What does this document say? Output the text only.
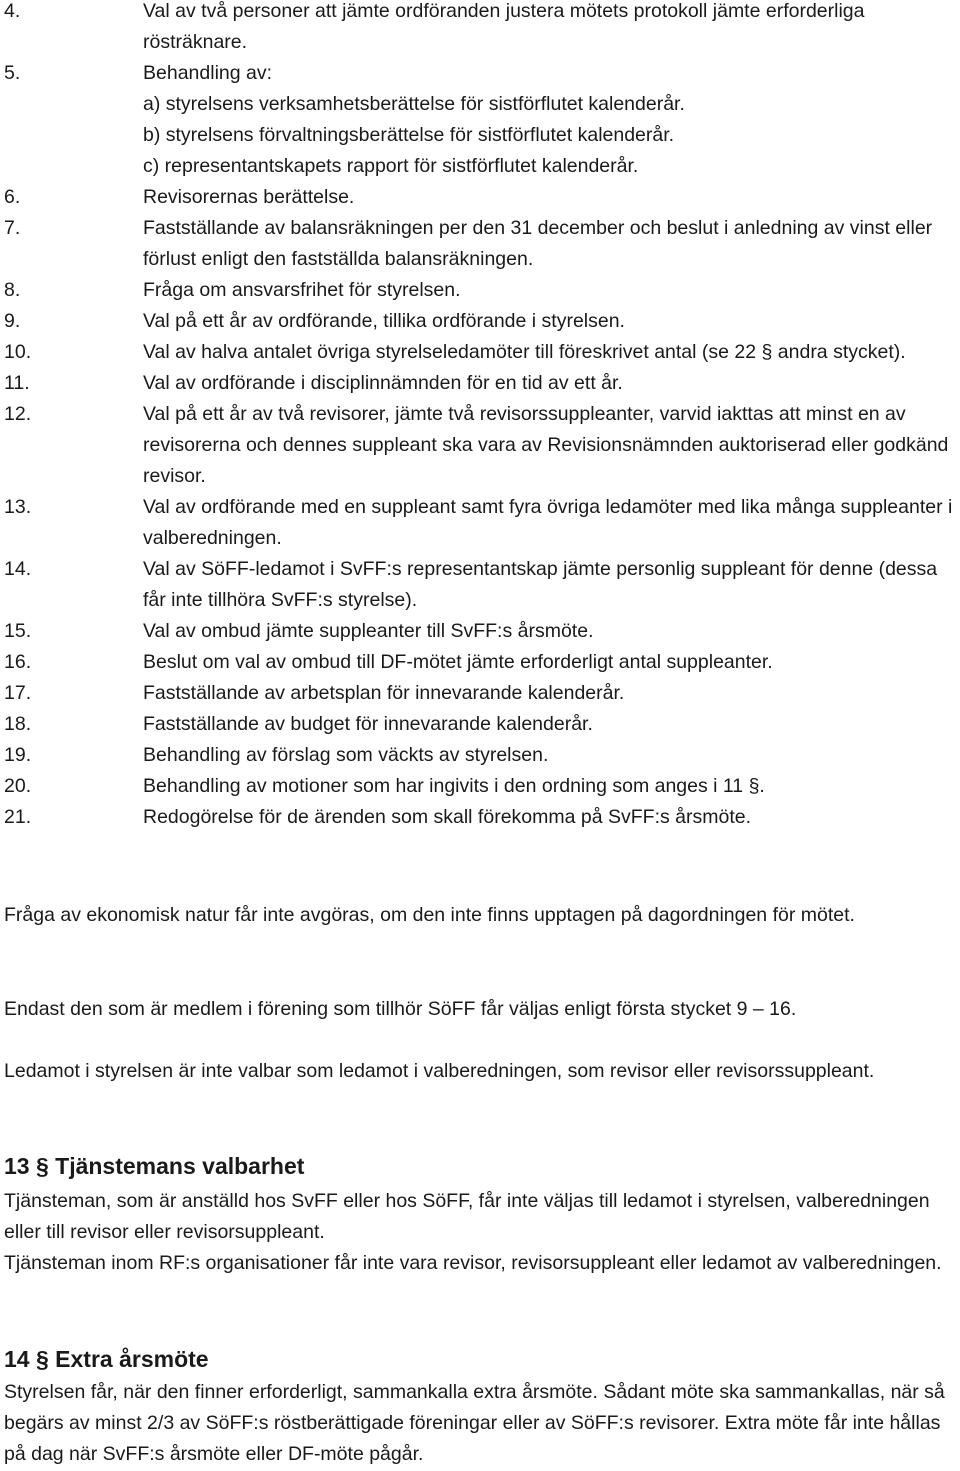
4.	Val av två personer att jämte ordföranden justera mötets protokoll jämte erforderliga rösträknare.
5.	Behandling av:
a) styrelsens verksamhetsberättelse för sistförflutet kalenderår.
b) styrelsens förvaltningsberättelse för sistförflutet kalenderår.
c) representantskapets rapport för sistförflutet kalenderår.
6.	Revisorernas berättelse.
7.	Fastställande av balansräkningen per den 31 december och beslut i anledning av vinst eller förlust enligt den fastställda balansräkningen.
8.	Fråga om ansvarsfrihet för styrelsen.
9.	Val på ett år av ordförande, tillika ordförande i styrelsen.
10.	Val av halva antalet övriga styrelseledamöter till föreskrivet antal (se 22 § andra stycket).
11.	Val av ordförande i disciplinnämnden för en tid av ett år.
12.	Val på ett år av två revisorer, jämte två revisorssuppleanter, varvid iakttas att minst en av revisorerna och dennes suppleant ska vara av Revisionsnämnden auktoriserad eller godkänd revisor.
13.	Val av ordförande med en suppleant samt fyra övriga ledamöter med lika många suppleanter i valberedningen.
14.	Val av SöFF-ledamot i SvFF:s representantskap jämte personlig suppleant för denne (dessa får inte tillhöra SvFF:s styrelse).
15.	Val av ombud jämte suppleanter till SvFF:s årsmöte.
16.	Beslut om val av ombud till DF-mötet jämte erforderligt antal suppleanter.
17.	Fastställande av arbetsplan för innevarande kalenderår.
18.	Fastställande av budget för innevarande kalenderår.
19.	Behandling av förslag som väckts av styrelsen.
20.	Behandling av motioner som har ingivits i den ordning som anges i 11 §.
21.	Redogörelse för de ärenden som skall förekomma på SvFF:s årsmöte.
Fråga av ekonomisk natur får inte avgöras, om den inte finns upptagen på dagordningen för mötet.
Endast den som är medlem i förening som tillhör SöFF får väljas enligt första stycket 9 – 16.
Ledamot i styrelsen är inte valbar som ledamot i valberedningen, som revisor eller revisorssuppleant.
13 § Tjänstemans valbarhet
Tjänsteman, som är anställd hos SvFF eller hos SöFF, får inte väljas till ledamot i styrelsen, valberedningen eller till revisor eller revisorsuppleant.
Tjänsteman inom RF:s organisationer får inte vara revisor, revisorsuppleant eller ledamot av valberedningen.
14 § Extra årsmöte
Styrelsen får, när den finner erforderligt, sammankalla extra årsmöte. Sådant möte ska sammankallas, när så begärs av minst 2/3 av SöFF:s röstberättigade föreningar eller av SöFF:s revisorer. Extra möte får inte hållas på dag när SvFF:s årsmöte eller DF-möte pågår.
